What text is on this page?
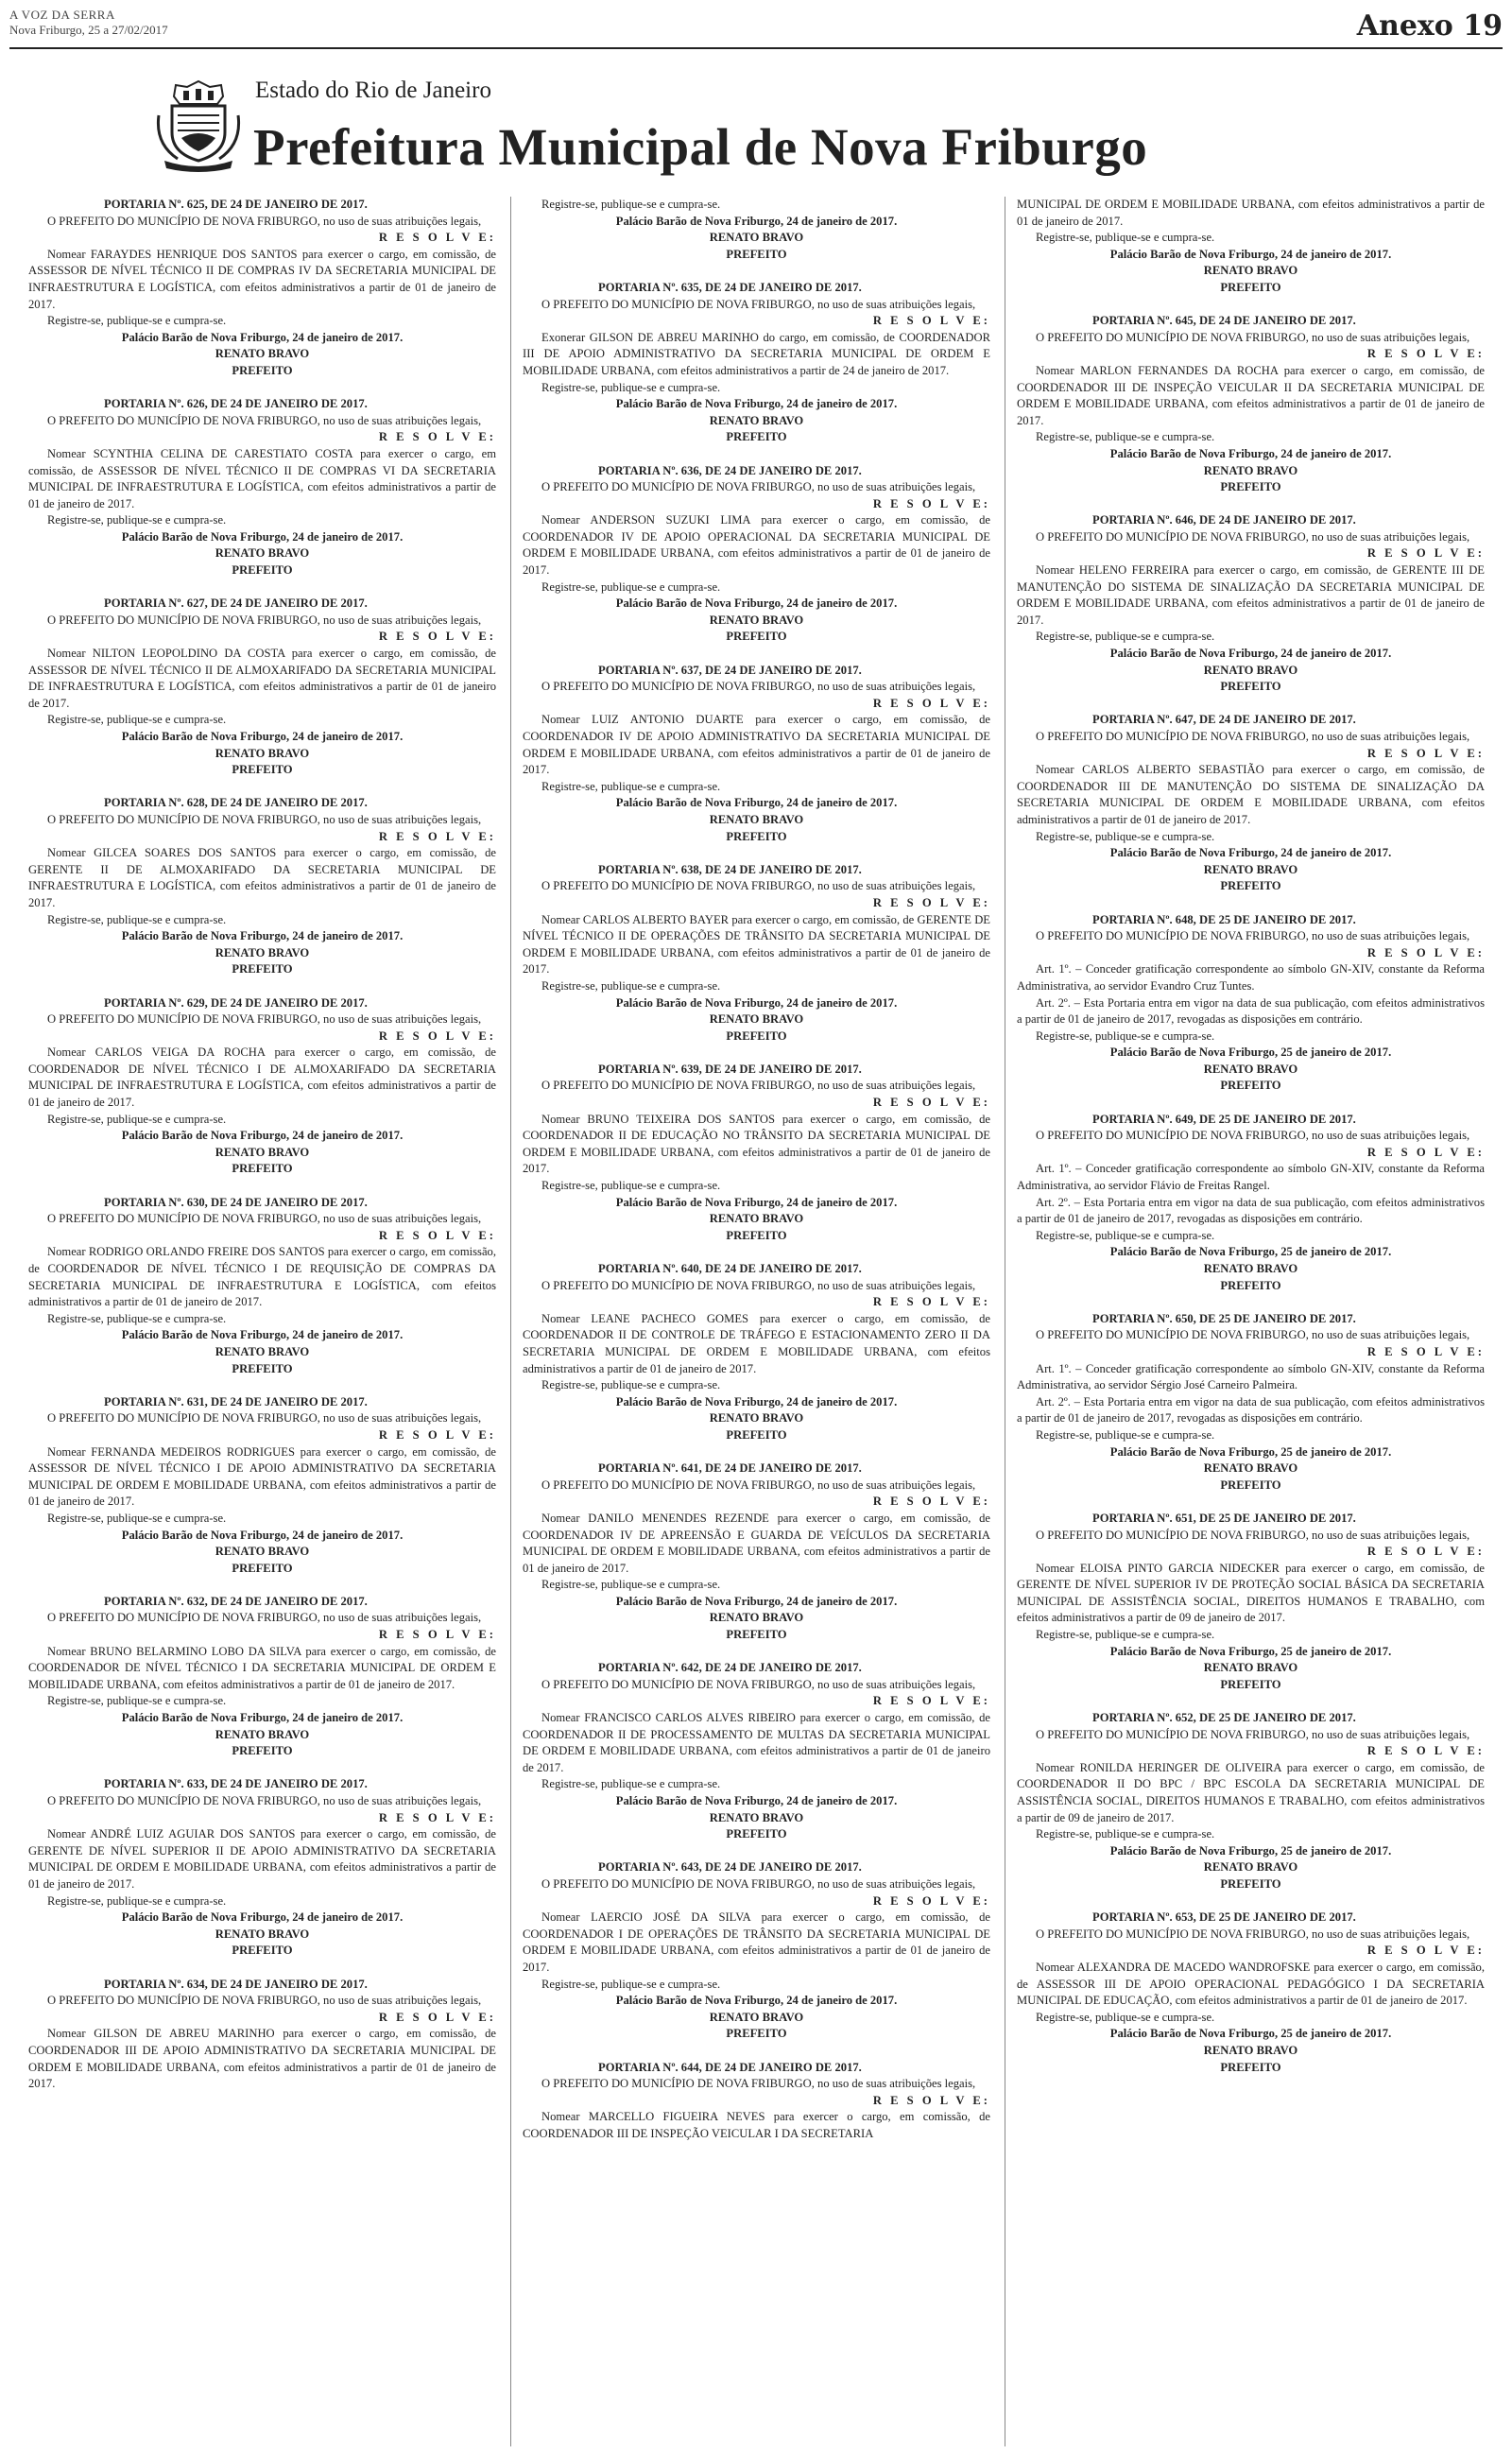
A VOZ DA SERRA
Nova Friburgo, 25 a 27/02/2017	Anexo 19
Estado do Rio de Janeiro
Prefeitura Municipal de Nova Friburgo

PORTARIA Nº. 625, DE 24 DE JANEIRO DE 2017.

O PREFEITO DO MUNICÍPIO DE NOVA FRIBURGO, no uso de suas atribuições legais,

R E S O L V E:

Nomear FARAYDES HENRIQUE DOS SANTOS para exercer o cargo, em comissão, de ASSESSOR DE NÍVEL TÉCNICO II DE COMPRAS IV DA SECRETARIA MUNICIPAL DE INFRAESTRUTURA E LOGÍSTICA, com efeitos administrativos a partir de 01 de janeiro de 2017.

Registre-se, publique-se e cumpra-se.

Palácio Barão de Nova Friburgo, 24 de janeiro de 2017.

RENATO BRAVO

PREFEITO

PORTARIA Nº. 626, DE 24 DE JANEIRO DE 2017.

O PREFEITO DO MUNICÍPIO DE NOVA FRIBURGO, no uso de suas atribuições legais,

R E S O L V E:

Nomear SCYNTHIA CELINA DE CARESTIATO COSTA para exercer o cargo, em comissão, de ASSESSOR DE NÍVEL TÉCNICO II DE COMPRAS VI DA SECRETARIA MUNICIPAL DE INFRAESTRUTURA E LOGÍSTICA, com efeitos administrativos a partir de 01 de janeiro de 2017.

Registre-se, publique-se e cumpra-se.

Palácio Barão de Nova Friburgo, 24 de janeiro de 2017.

RENATO BRAVO

PREFEITO

PORTARIA Nº. 627, DE 24 DE JANEIRO DE 2017.

O PREFEITO DO MUNICÍPIO DE NOVA FRIBURGO, no uso de suas atribuições legais,

R E S O L V E:

Nomear NILTON LEOPOLDINO DA COSTA para exercer o cargo, em comissão, de ASSESSOR DE NÍVEL TÉCNICO II DE ALMOXARIFADO DA SECRETARIA MUNICIPAL DE INFRAESTRUTURA E LOGÍSTICA, com efeitos administrativos a partir de 01 de janeiro de 2017.

Registre-se, publique-se e cumpra-se.

Palácio Barão de Nova Friburgo, 24 de janeiro de 2017.

RENATO BRAVO

PREFEITO

PORTARIA Nº. 628, DE 24 DE JANEIRO DE 2017.

O PREFEITO DO MUNICÍPIO DE NOVA FRIBURGO, no uso de suas atribuições legais,

R E S O L V E:

Nomear GILCEA SOARES DOS SANTOS para exercer o cargo, em comissão, de GERENTE II DE ALMOXARIFADO DA SECRETARIA MUNICIPAL DE INFRAESTRUTURA E LOGÍSTICA, com efeitos administrativos a partir de 01 de janeiro de 2017.

Registre-se, publique-se e cumpra-se.

Palácio Barão de Nova Friburgo, 24 de janeiro de 2017.

RENATO BRAVO

PREFEITO

PORTARIA Nº. 629, DE 24 DE JANEIRO DE 2017.

O PREFEITO DO MUNICÍPIO DE NOVA FRIBURGO, no uso de suas atribuições legais,

R E S O L V E:

Nomear CARLOS VEIGA DA ROCHA para exercer o cargo, em comissão, de COORDENADOR DE NÍVEL TÉCNICO I DE ALMOXARIFADO DA SECRETARIA MUNICIPAL DE INFRAESTRUTURA E LOGÍSTICA, com efeitos administrativos a partir de 01 de janeiro de 2017.

Registre-se, publique-se e cumpra-se.

Palácio Barão de Nova Friburgo, 24 de janeiro de 2017.

RENATO BRAVO

PREFEITO

PORTARIA Nº. 630, DE 24 DE JANEIRO DE 2017.

O PREFEITO DO MUNICÍPIO DE NOVA FRIBURGO, no uso de suas atribuições legais,

R E S O L V E:

Nomear RODRIGO ORLANDO FREIRE DOS SANTOS para exercer o cargo, em comissão, de COORDENADOR DE NÍVEL TÉCNICO I DE REQUISIÇÃO DE COMPRAS DA SECRETARIA MUNICIPAL DE INFRAESTRUTURA E LOGÍSTICA, com efeitos administrativos a partir de 01 de janeiro de 2017.

Registre-se, publique-se e cumpra-se.

Palácio Barão de Nova Friburgo, 24 de janeiro de 2017.

RENATO BRAVO

PREFEITO

PORTARIA Nº. 631, DE 24 DE JANEIRO DE 2017.

O PREFEITO DO MUNICÍPIO DE NOVA FRIBURGO, no uso de suas atribuições legais,

R E S O L V E:

Nomear FERNANDA MEDEIROS RODRIGUES para exercer o cargo, em comissão, de ASSESSOR DE NÍVEL TÉCNICO I DE APOIO ADMINISTRATIVO DA SECRETARIA MUNICIPAL DE ORDEM E MOBILIDADE URBANA, com efeitos administrativos a partir de 01 de janeiro de 2017.

Registre-se, publique-se e cumpra-se.

Palácio Barão de Nova Friburgo, 24 de janeiro de 2017.

RENATO BRAVO

PREFEITO

PORTARIA Nº. 632, DE 24 DE JANEIRO DE 2017.

O PREFEITO DO MUNICÍPIO DE NOVA FRIBURGO, no uso de suas atribuições legais,

R E S O L V E:

Nomear BRUNO BELARMINO LOBO DA SILVA para exercer o cargo, em comissão, de COORDENADOR DE NÍVEL TÉCNICO I DA SECRETARIA MUNICIPAL DE ORDEM E MOBILIDADE URBANA, com efeitos administrativos a partir de 01 de janeiro de 2017.

Registre-se, publique-se e cumpra-se.

Palácio Barão de Nova Friburgo, 24 de janeiro de 2017.

RENATO BRAVO

PREFEITO

PORTARIA Nº. 633, DE 24 DE JANEIRO DE 2017.

O PREFEITO DO MUNICÍPIO DE NOVA FRIBURGO, no uso de suas atribuições legais,

R E S O L V E:

Nomear ANDRÉ LUIZ AGUIAR DOS SANTOS para exercer o cargo, em comissão, de GERENTE DE NÍVEL SUPERIOR II DE APOIO ADMINISTRATIVO DA SECRETARIA MUNICIPAL DE ORDEM E MOBILIDADE URBANA, com efeitos administrativos a partir de 01 de janeiro de 2017.

Registre-se, publique-se e cumpra-se.

Palácio Barão de Nova Friburgo, 24 de janeiro de 2017.

RENATO BRAVO

PREFEITO

PORTARIA Nº. 634, DE 24 DE JANEIRO DE 2017.

O PREFEITO DO MUNICÍPIO DE NOVA FRIBURGO, no uso de suas atribuições legais,

R E S O L V E:

Nomear GILSON DE ABREU MARINHO para exercer o cargo, em comissão, de COORDENADOR III DE APOIO ADMINISTRATIVO DA SECRETARIA MUNICIPAL DE ORDEM E MOBILIDADE URBANA, com efeitos administrativos a partir de 01 de janeiro de 2017.

Registre-se, publique-se e cumpra-se.

Palácio Barão de Nova Friburgo, 24 de janeiro de 2017.

RENATO BRAVO

PREFEITO

PORTARIA Nº. 635, DE 24 DE JANEIRO DE 2017.

O PREFEITO DO MUNICÍPIO DE NOVA FRIBURGO, no uso de suas atribuições legais,

R E S O L V E:

Exonerar GILSON DE ABREU MARINHO do cargo, em comissão, de COORDENADOR III DE APOIO ADMINISTRATIVO DA SECRETARIA MUNICIPAL DE ORDEM E MOBILIDADE URBANA, com efeitos administrativos a partir de 24 de janeiro de 2017.

Registre-se, publique-se e cumpra-se.

Palácio Barão de Nova Friburgo, 24 de janeiro de 2017.

RENATO BRAVO

PREFEITO

PORTARIA Nº. 636, DE 24 DE JANEIRO DE 2017.

O PREFEITO DO MUNICÍPIO DE NOVA FRIBURGO, no uso de suas atribuições legais,

R E S O L V E:

Nomear ANDERSON SUZUKI LIMA para exercer o cargo, em comissão, de COORDENADOR IV DE APOIO OPERACIONAL DA SECRETARIA MUNICIPAL DE ORDEM E MOBILIDADE URBANA, com efeitos administrativos a partir de 01 de janeiro de 2017.

Registre-se, publique-se e cumpra-se.

Palácio Barão de Nova Friburgo, 24 de janeiro de 2017.

RENATO BRAVO

PREFEITO

PORTARIA Nº. 637, DE 24 DE JANEIRO DE 2017.

O PREFEITO DO MUNICÍPIO DE NOVA FRIBURGO, no uso de suas atribuições legais,

R E S O L V E:

Nomear LUIZ ANTONIO DUARTE para exercer o cargo, em comissão, de COORDENADOR IV DE APOIO ADMINISTRATIVO DA SECRETARIA MUNICIPAL DE ORDEM E MOBILIDADE URBANA, com efeitos administrativos a partir de 01 de janeiro de 2017.

Registre-se, publique-se e cumpra-se.

Palácio Barão de Nova Friburgo, 24 de janeiro de 2017.

RENATO BRAVO

PREFEITO

PORTARIA Nº. 638, DE 24 DE JANEIRO DE 2017.

O PREFEITO DO MUNICÍPIO DE NOVA FRIBURGO, no uso de suas atribuições legais,

R E S O L V E:

Nomear CARLOS ALBERTO BAYER para exercer o cargo, em comissão, de GERENTE DE NÍVEL TÉCNICO II DE OPERAÇÕES DE TRÂNSITO DA SECRETARIA MUNICIPAL DE ORDEM E MOBILIDADE URBANA, com efeitos administrativos a partir de 01 de janeiro de 2017.

Registre-se, publique-se e cumpra-se.

Palácio Barão de Nova Friburgo, 24 de janeiro de 2017.

RENATO BRAVO

PREFEITO

PORTARIA Nº. 639, DE 24 DE JANEIRO DE 2017.

O PREFEITO DO MUNICÍPIO DE NOVA FRIBURGO, no uso de suas atribuições legais,

R E S O L V E:

Nomear BRUNO TEIXEIRA DOS SANTOS para exercer o cargo, em comissão, de COORDENADOR II DE EDUCAÇÃO NO TRÂNSITO DA SECRETARIA MUNICIPAL DE ORDEM E MOBILIDADE URBANA, com efeitos administrativos a partir de 01 de janeiro de 2017.

Registre-se, publique-se e cumpra-se.

Palácio Barão de Nova Friburgo, 24 de janeiro de 2017.

RENATO BRAVO

PREFEITO

PORTARIA Nº. 640, DE 24 DE JANEIRO DE 2017.

O PREFEITO DO MUNICÍPIO DE NOVA FRIBURGO, no uso de suas atribuições legais,

R E S O L V E:

Nomear LEANE PACHECO GOMES para exercer o cargo, em comissão, de COORDENADOR II DE CONTROLE DE TRÁFEGO E ESTACIONAMENTO ZERO II DA SECRETARIA MUNICIPAL DE ORDEM E MOBILIDADE URBANA, com efeitos administrativos a partir de 01 de janeiro de 2017.

Registre-se, publique-se e cumpra-se.

Palácio Barão de Nova Friburgo, 24 de janeiro de 2017.

RENATO BRAVO

PREFEITO

PORTARIA Nº. 641, DE 24 DE JANEIRO DE 2017.

O PREFEITO DO MUNICÍPIO DE NOVA FRIBURGO, no uso de suas atribuições legais,

R E S O L V E:

Nomear DANILO MENENDES REZENDE para exercer o cargo, em comissão, de COORDENADOR IV DE APREENSÃO E GUARDA DE VEÍCULOS DA SECRETARIA MUNICIPAL DE ORDEM E MOBILIDADE URBANA, com efeitos administrativos a partir de 01 de janeiro de 2017.

Registre-se, publique-se e cumpra-se.

Palácio Barão de Nova Friburgo, 24 de janeiro de 2017.

RENATO BRAVO

PREFEITO

PORTARIA Nº. 642, DE 24 DE JANEIRO DE 2017.

O PREFEITO DO MUNICÍPIO DE NOVA FRIBURGO, no uso de suas atribuições legais,

R E S O L V E:

Nomear FRANCISCO CARLOS ALVES RIBEIRO para exercer o cargo, em comissão, de COORDENADOR II DE PROCESSAMENTO DE MULTAS DA SECRETARIA MUNICIPAL DE ORDEM E MOBILIDADE URBANA, com efeitos administrativos a partir de 01 de janeiro de 2017.

Registre-se, publique-se e cumpra-se.

Palácio Barão de Nova Friburgo, 24 de janeiro de 2017.

RENATO BRAVO

PREFEITO

PORTARIA Nº. 643, DE 24 DE JANEIRO DE 2017.

O PREFEITO DO MUNICÍPIO DE NOVA FRIBURGO, no uso de suas atribuições legais,

R E S O L V E:

Nomear LAERCIO JOSÉ DA SILVA para exercer o cargo, em comissão, de COORDENADOR I DE OPERAÇÕES DE TRÂNSITO DA SECRETARIA MUNICIPAL DE ORDEM E MOBILIDADE URBANA, com efeitos administrativos a partir de 01 de janeiro de 2017.

Registre-se, publique-se e cumpra-se.

Palácio Barão de Nova Friburgo, 24 de janeiro de 2017.

RENATO BRAVO

PREFEITO

PORTARIA Nº. 644, DE 24 DE JANEIRO DE 2017.

O PREFEITO DO MUNICÍPIO DE NOVA FRIBURGO, no uso de suas atribuições legais,

R E S O L V E:

Nomear MARCELLO FIGUEIRA NEVES para exercer o cargo, em comissão, de COORDENADOR III DE INSPEÇÃO VEICULAR I DA SECRETARIA

MUNICIPAL DE ORDEM E MOBILIDADE URBANA, com efeitos administrativos a partir de 01 de janeiro de 2017.

Registre-se, publique-se e cumpra-se.

Palácio Barão de Nova Friburgo, 24 de janeiro de 2017.

RENATO BRAVO

PREFEITO

PORTARIA Nº. 645, DE 24 DE JANEIRO DE 2017.

O PREFEITO DO MUNICÍPIO DE NOVA FRIBURGO, no uso de suas atribuições legais,

R E S O L V E:

Nomear MARLON FERNANDES DA ROCHA para exercer o cargo, em comissão, de COORDENADOR III DE INSPEÇÃO VEICULAR II DA SECRETARIA MUNICIPAL DE ORDEM E MOBILIDADE URBANA, com efeitos administrativos a partir de 01 de janeiro de 2017.

Registre-se, publique-se e cumpra-se.

Palácio Barão de Nova Friburgo, 24 de janeiro de 2017.

RENATO BRAVO

PREFEITO

PORTARIA Nº. 646, DE 24 DE JANEIRO DE 2017.

O PREFEITO DO MUNICÍPIO DE NOVA FRIBURGO, no uso de suas atribuições legais,

R E S O L V E:

Nomear HELENO FERREIRA para exercer o cargo, em comissão, de GERENTE III DE MANUTENÇÃO DO SISTEMA DE SINALIZAÇÃO DA SECRETARIA MUNICIPAL DE ORDEM E MOBILIDADE URBANA, com efeitos administrativos a partir de 01 de janeiro de 2017.

Registre-se, publique-se e cumpra-se.

Palácio Barão de Nova Friburgo, 24 de janeiro de 2017.

RENATO BRAVO

PREFEITO

PORTARIA Nº. 647, DE 24 DE JANEIRO DE 2017.

O PREFEITO DO MUNICÍPIO DE NOVA FRIBURGO, no uso de suas atribuições legais,

R E S O L V E:

Nomear CARLOS ALBERTO SEBASTIÃO para exercer o cargo, em comissão, de COORDENADOR III DE MANUTENÇÃO DO SISTEMA DE SINALIZAÇÃO DA SECRETARIA MUNICIPAL DE ORDEM E MOBILIDADE URBANA, com efeitos administrativos a partir de 01 de janeiro de 2017.

Registre-se, publique-se e cumpra-se.

Palácio Barão de Nova Friburgo, 24 de janeiro de 2017.

RENATO BRAVO

PREFEITO

PORTARIA Nº. 648, DE 25 DE JANEIRO DE 2017.

O PREFEITO DO MUNICÍPIO DE NOVA FRIBURGO, no uso de suas atribuições legais,

R E S O L V E:

Art. 1º. – Conceder gratificação correspondente ao símbolo GN-XIV, constante da Reforma Administrativa, ao servidor Evandro Cruz Tuntes.

Art. 2º. – Esta Portaria entra em vigor na data de sua publicação, com efeitos administrativos a partir de 01 de janeiro de 2017, revogadas as disposições em contrário.

Registre-se, publique-se e cumpra-se.

Palácio Barão de Nova Friburgo, 25 de janeiro de 2017.

RENATO BRAVO

PREFEITO

PORTARIA Nº. 649, DE 25 DE JANEIRO DE 2017.

O PREFEITO DO MUNICÍPIO DE NOVA FRIBURGO, no uso de suas atribuições legais,

R E S O L V E:

Art. 1º. – Conceder gratificação correspondente ao símbolo GN-XIV, constante da Reforma Administrativa, ao servidor Flávio de Freitas Rangel.

Art. 2º. – Esta Portaria entra em vigor na data de sua publicação, com efeitos administrativos a partir de 01 de janeiro de 2017, revogadas as disposições em contrário.

Registre-se, publique-se e cumpra-se.

Palácio Barão de Nova Friburgo, 25 de janeiro de 2017.

RENATO BRAVO

PREFEITO

PORTARIA Nº. 650, DE 25 DE JANEIRO DE 2017.

O PREFEITO DO MUNICÍPIO DE NOVA FRIBURGO, no uso de suas atribuições legais,

R E S O L V E:

Art. 1º. – Conceder gratificação correspondente ao símbolo GN-XIV, constante da Reforma Administrativa, ao servidor Sérgio José Carneiro Palmeira.

Art. 2º. – Esta Portaria entra em vigor na data de sua publicação, com efeitos administrativos a partir de 01 de janeiro de 2017, revogadas as disposições em contrário.

Registre-se, publique-se e cumpra-se.

Palácio Barão de Nova Friburgo, 25 de janeiro de 2017.

RENATO BRAVO

PREFEITO

PORTARIA Nº. 651, DE 25 DE JANEIRO DE 2017.

O PREFEITO DO MUNICÍPIO DE NOVA FRIBURGO, no uso de suas atribuições legais,

R E S O L V E:

Nomear ELOISA PINTO GARCIA NIDECKER para exercer o cargo, em comissão, de GERENTE DE NÍVEL SUPERIOR IV DE PROTEÇÃO SOCIAL BÁSICA DA SECRETARIA MUNICIPAL DE ASSISTÊNCIA SOCIAL, DIREITOS HUMANOS E TRABALHO, com efeitos administrativos a partir de 09 de janeiro de 2017.

Registre-se, publique-se e cumpra-se.

Palácio Barão de Nova Friburgo, 25 de janeiro de 2017.

RENATO BRAVO

PREFEITO

PORTARIA Nº. 652, DE 25 DE JANEIRO DE 2017.

O PREFEITO DO MUNICÍPIO DE NOVA FRIBURGO, no uso de suas atribuições legais,

R E S O L V E:

Nomear RONILDA HERINGER DE OLIVEIRA para exercer o cargo, em comissão, de COORDENADOR II DO BPC / BPC ESCOLA DA SECRETARIA MUNICIPAL DE ASSISTÊNCIA SOCIAL, DIREITOS HUMANOS E TRABALHO, com efeitos administrativos a partir de 09 de janeiro de 2017.

Registre-se, publique-se e cumpra-se.

Palácio Barão de Nova Friburgo, 25 de janeiro de 2017.

RENATO BRAVO

PREFEITO

PORTARIA Nº. 653, DE 25 DE JANEIRO DE 2017.

O PREFEITO DO MUNICÍPIO DE NOVA FRIBURGO, no uso de suas atribuições legais,

R E S O L V E:

Nomear ALEXANDRA DE MACEDO WANDROFSKE para exercer o cargo, em comissão, de ASSESSOR III DE APOIO OPERACIONAL PEDAGÓGICO I DA SECRETARIA MUNICIPAL DE EDUCAÇÃO, com efeitos administrativos a partir de 01 de janeiro de 2017.

Registre-se, publique-se e cumpra-se.

Palácio Barão de Nova Friburgo, 25 de janeiro de 2017.

RENATO BRAVO

PREFEITO
